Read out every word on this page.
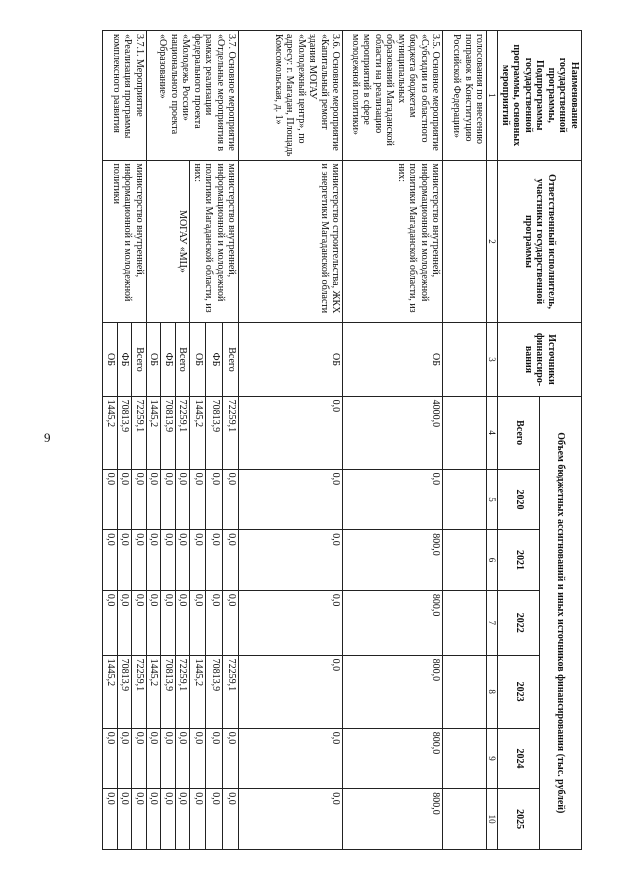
9
Наименование государственной программы, Подпрограммы государственной программы, основных мероприятий	Ответственный исполнитель, участники государственной программы	Источники финансиро-вания	Объем бюджетных ассигнований и иных источников финансирования (тыс. рублей)						
			Всего	2020	2021	2022	2023	2024	2025
1	2	3	4	5	6	7	8	9	10
голосования по внесению поправок в Конституцию Российской Федерации»									
3.5. Основное мероприятие «Субсидии из областного бюджета бюджетам муниципальных образований Магаданской области на реализацию мероприятий в сфере молодежной политики»	министерство внутренней, информационной и молодежной политики Магаданской области, из них:	ОБ	4000,0	0,0	800,0	800,0	800,0	800,0	800,0
3.6. Основное мероприятие «Капитальный ремонт здания МОГАУ «Молодежный центр», по адресу: г. Магадан, Площадь Комсомольская, д. 1»	министерство строительства, ЖКХ и энергетики Магаданской области	ОБ	0,0	0,0	0,0	0,0	0,0	0,0	0,0
3.7. Основное мероприятие «Отдельные мероприятия в рамках реализации федерального проекта «Молодежь России» национального проекта «Образование»	министерство внутренней, информационной и молодежной политики Магаданской области, из них:	Всего	72259,1	0,0	0,0	0,0	72259,1	0,0	0,0
		ФБ	70813,9	0,0	0,0	0,0	70813,9	0,0	0,0
		ОБ	1445,2	0,0	0,0	0,0	1445,2	0,0	0,0
	МОГАУ «МЦ»	Всего	72259,1	0,0	0,0	0,0	72259,1	0,0	0,0
		ФБ	70813,9	0,0	0,0	0,0	70813,9	0,0	0,0
		ОБ	1445,2	0,0	0,0	0,0	1445,2	0,0	0,0
3.7.1. Мероприятие «Реализация программы комплексного развития	министерство внутренней, информационной и молодежной политики	Всего	72259,1	0,0	0,0	0,0	72259,1	0,0	0,0
		ФБ	70813,9	0,0	0,0	0,0	70813,9	0,0	0,0
		ОБ	1445,2	0,0	0,0	0,0	1445,2	0,0	0,0
